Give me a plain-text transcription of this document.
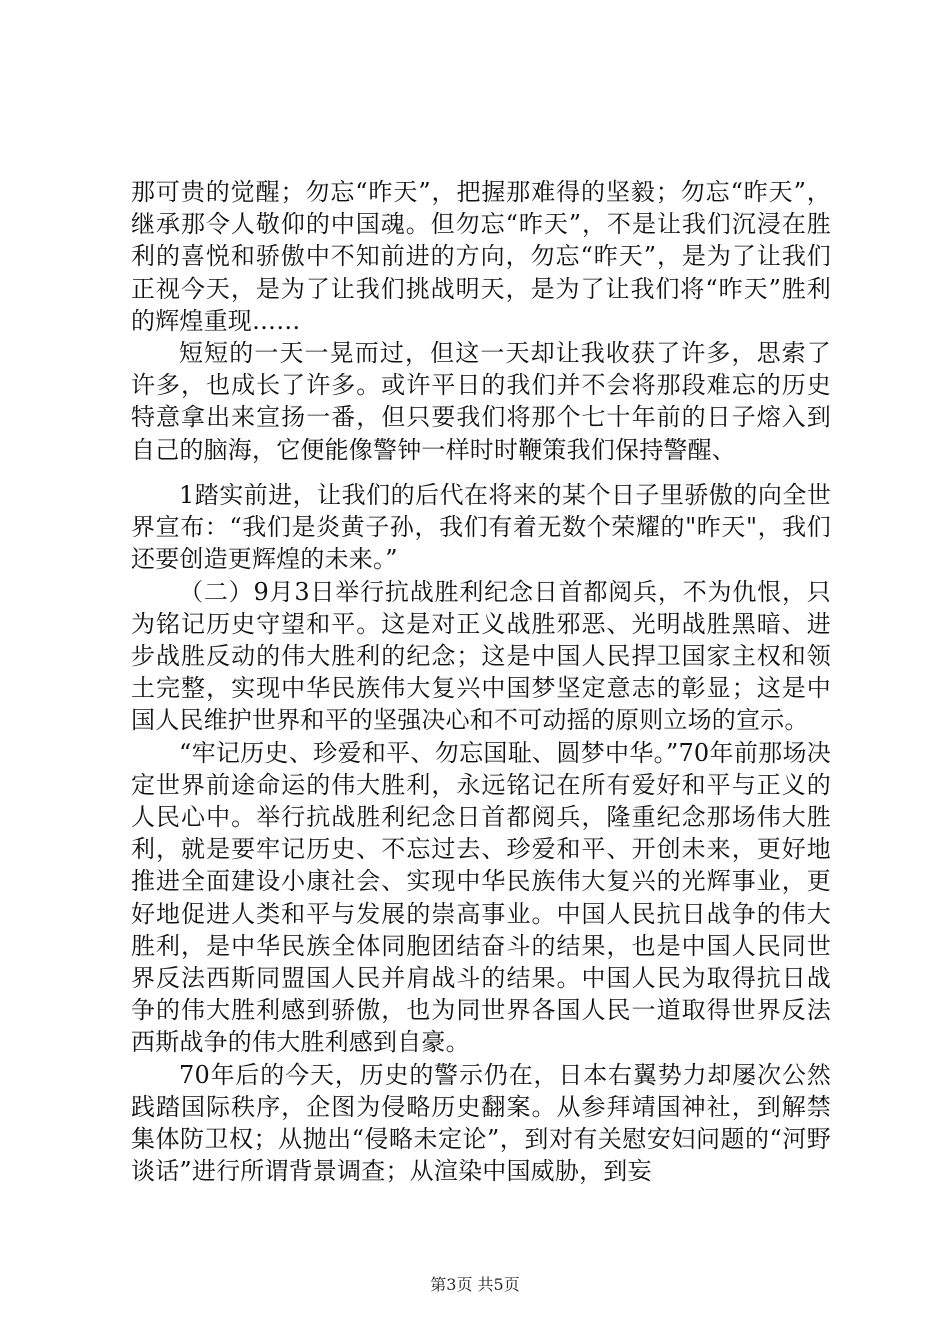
那可贵的觉醒；勿忘“昨天”，把握那难得的坚毅；勿忘“昨天”，继承那令人敬仰的中国魂。但勿忘“昨天”，不是让我们沉浸在胜利的喜悦和骄傲中不知前进的方向，勿忘“昨天”，是为了让我们正视今天，是为了让我们挑战明天，是为了让我们将“昨天”胜利的辉煌重现……

短短的一天一晃而过，但这一天却让我收获了许多，思索了许多，也成长了许多。或许平日的我们并不会将那段难忘的历史特意拿出来宣扬一番，但只要我们将那个七十年前的日子熔入到自己的脑海，它便能像警钟一样时时鞭策我们保持警醒、

1踏实前进，让我们的后代在将来的某个日子里骄傲的向全世界宣布：“我们是炎黄子孙，我们有着无数个荣耀的"昨天"，我们还要创造更辉煌的未来。”

（二）9月3日举行抗战胜利纪念日首都阅兵，不为仇恨，只为铭记历史守望和平。这是对正义战胜邪恶、光明战胜黑暗、进步战胜反动的伟大胜利的纪念；这是中国人民捍卫国家主权和领土完整，实现中华民族伟大复兴中国梦坚定意志的彰显；这是中国人民维护世界和平的坚强决心和不可动摇的原则立场的宣示。

“牢记历史、珍爱和平、勿忘国耻、圆梦中华。”70年前那场决定世界前途命运的伟大胜利，永远铭记在所有爱好和平与正义的人民心中。举行抗战胜利纪念日首都阅兵，隆重纪念那场伟大胜利，就是要牢记历史、不忘过去、珍爱和平、开创未来，更好地推进全面建设小康社会、实现中华民族伟大复兴的光辉事业，更好地促进人类和平与发展的崇高事业。中国人民抗日战争的伟大胜利，是中华民族全体同胞团结奋斗的结果，也是中国人民同世界反法西斯同盟国人民并肩战斗的结果。中国人民为取得抗日战争的伟大胜利感到骄傲，也为同世界各国人民一道取得世界反法西斯战争的伟大胜利感到自豪。

70年后的今天，历史的警示仍在，日本右翼势力却屡次公然践踏国际秩序，企图为侵略历史翻案。从参拜靖国神社，到解禁集体防卫权；从抛出“侵略未定论”，到对有关慰安妇问题的“河野谈话”进行所谓背景调查；从渲染中国威胁，到妄

第3页 共5页
